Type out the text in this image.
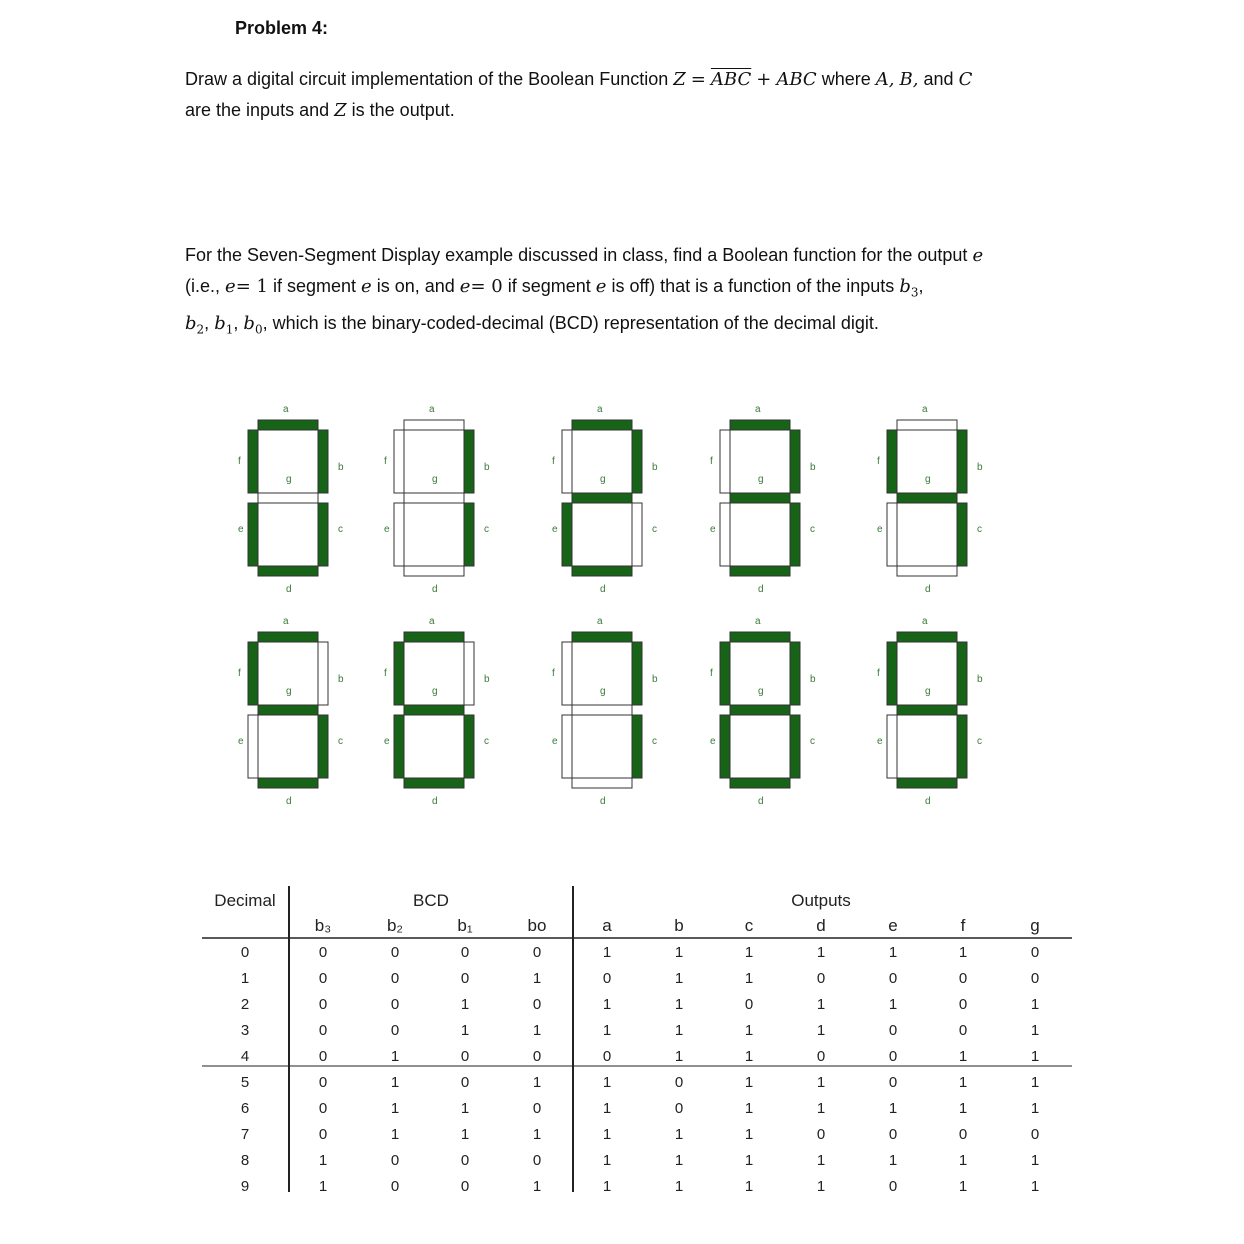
Problem 4:
Draw a digital circuit implementation of the Boolean Function $Z = \overline{ABC}$ + ABC where A, B, and C
are the inputs and Z is the output.
For the Seven-Segment Display example discussed in class, find a Boolean function for the output e
(i.e., e= 1 if segment e is on, and e= 0 if segment e is off) that is a function of the inputs $b_3$,
$b_2$, $b_1$, $b_0$, which is the binary-coded-decimal (BCD) representation of the decimal digit.
a
b
c
d
e
f
g
a
b
c
d
e
f
g
a
b
c
d
e
f
g
a
b
c
d
e
f
g
a
b
c
d
e
f
g
a
b
c
d
e
f
g
a
b
c
d
e
f
g
a
b
c
d
e
f
g
a
b
c
d
e
f
g
a
b
c
d
e
f
g
Decimal	BCD	Outputs
b₃	b₂	b₁	bo	a	b	c	d	e	f	g
0	0	0	0	0	1	1	1	1	1	1	0
1	0	0	0	1	0	1	1	0	0	0	0
2	0	0	1	0	1	1	0	1	1	0	1
3	0	0	1	1	1	1	1	1	0	0	1
4	0	1	0	0	0	1	1	0	0	1	1
5	0	1	0	1	1	0	1	1	0	1	1
6	0	1	1	0	1	0	1	1	1	1	1
7	0	1	1	1	1	1	1	0	0	0	0
8	1	0	0	0	1	1	1	1	1	1	1
9	1	0	0	1	1	1	1	1	0	1	1
